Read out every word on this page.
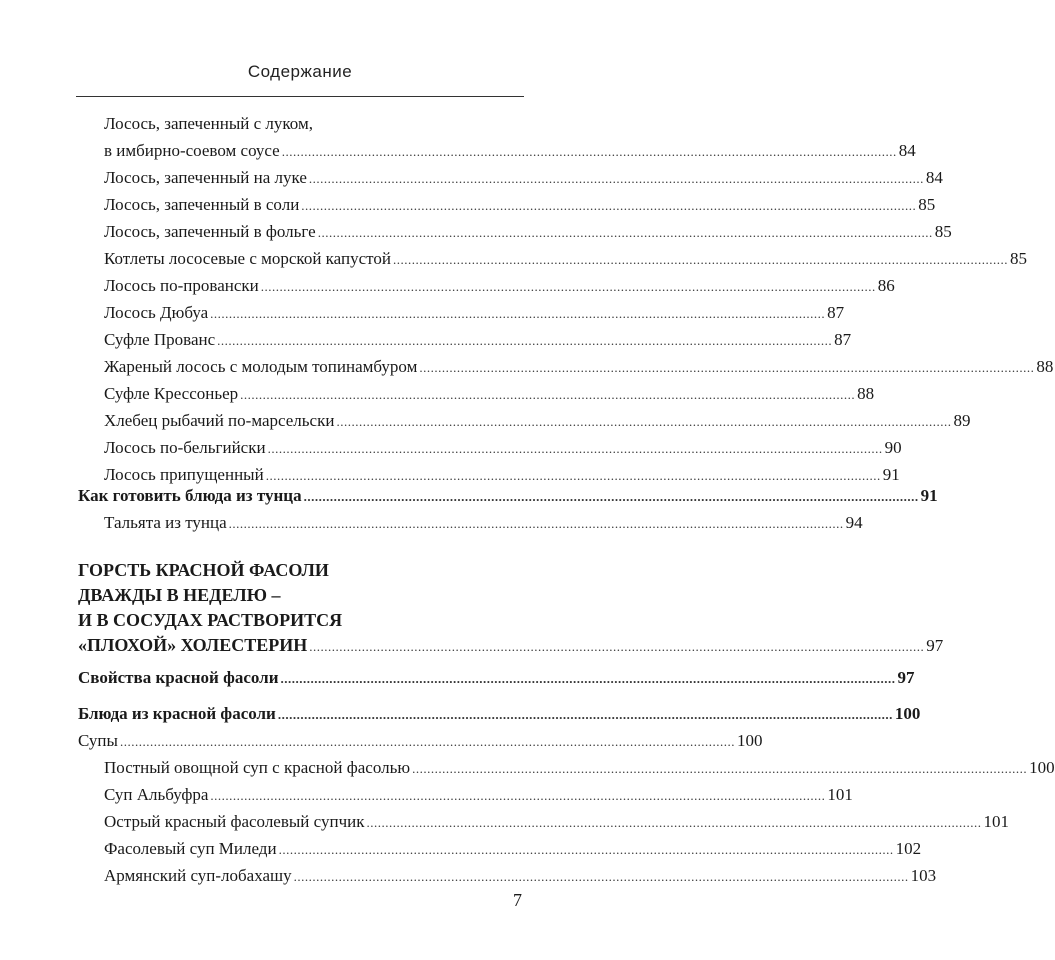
Содержание
Лосось, запеченный с луком,
в имбирно-соевом соусе .................................................................................................................................................................... 84
Лосось, запеченный на луке .................................................................................................................................................................... 84
Лосось, запеченный в соли .................................................................................................................................................................... 85
Лосось, запеченный в фольге .................................................................................................................................................................... 85
Котлеты лососевые с морской капустой .................................................................................................................................................................... 85
Лосось по-провански .................................................................................................................................................................... 86
Лосось Дюбуа .................................................................................................................................................................... 87
Суфле Прованс .................................................................................................................................................................... 87
Жареный лосось с молодым топинамбуром .................................................................................................................................................................... 88
Суфле Крессоньер .................................................................................................................................................................... 88
Хлебец рыбачий по-марсельски .................................................................................................................................................................... 89
Лосось по-бельгийски .................................................................................................................................................................... 90
Лосось припущенный .................................................................................................................................................................... 91
Как готовить блюда из тунца .................................................................................................................................................................... 91
Тальята из тунца .................................................................................................................................................................... 94
ГОРСТЬ КРАСНОЙ ФАСОЛИ
ДВАЖДЫ В НЕДЕЛЮ –
И В СОСУДАХ РАСТВОРИТСЯ
«ПЛОХОЙ» ХОЛЕСТЕРИН .................................................................................................................................................................... 97
Свойства красной фасоли .................................................................................................................................................................... 97
Блюда из красной фасоли .................................................................................................................................................................... 100
Супы .................................................................................................................................................................... 100
Постный овощной суп с красной фасолью .................................................................................................................................................................... 100
Суп Альбуфра .................................................................................................................................................................... 101
Острый красный фасолевый супчик .................................................................................................................................................................... 101
Фасолевый суп Миледи .................................................................................................................................................................... 102
Армянский суп-лобахашу .................................................................................................................................................................... 103
7
